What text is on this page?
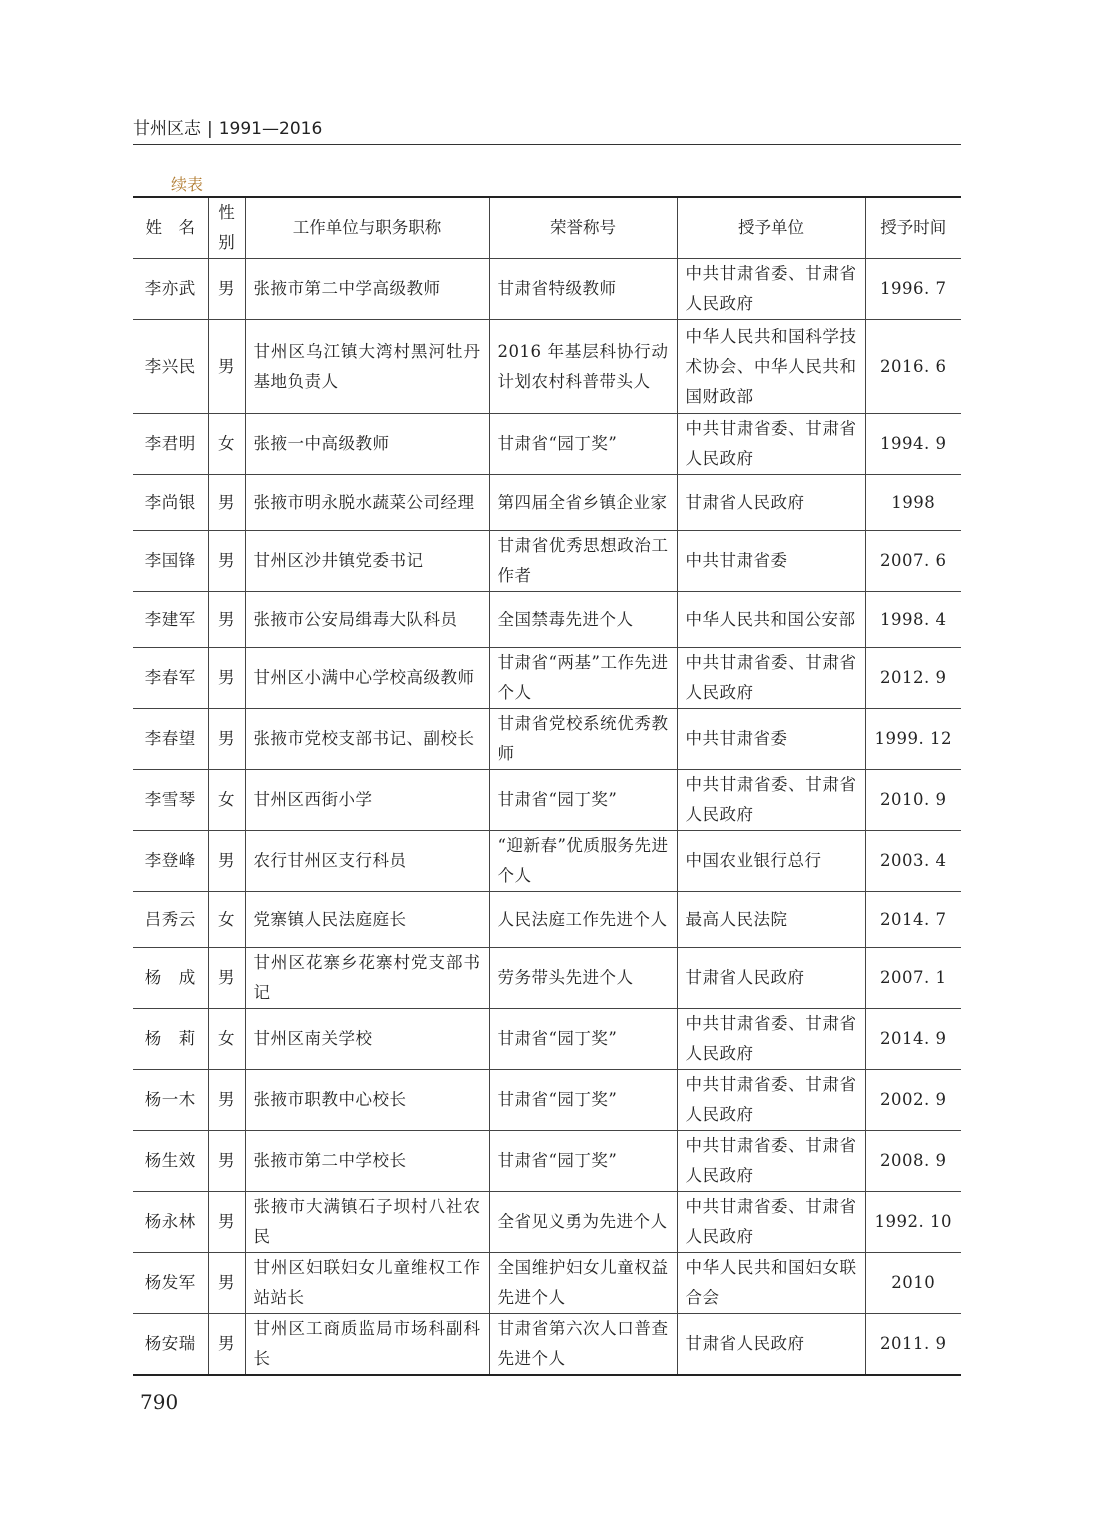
甘州区志 | 1991—2016
续表
姓　名	性别	工作单位与职务职称	荣誉称号	授予单位	授予时间
李亦武	男	张掖市第二中学高级教师	甘肃省特级教师	中共甘肃省委、甘肃省人民政府	1996. 7
李兴民	男	甘州区乌江镇大湾村黑河牡丹基地负责人	2016 年基层科协行动计划农村科普带头人	中华人民共和国科学技术协会、中华人民共和国财政部	2016. 6
李君明	女	张掖一中高级教师	甘肃省“园丁奖”	中共甘肃省委、甘肃省人民政府	1994. 9
李尚银	男	张掖市明永脱水蔬菜公司经理	第四届全省乡镇企业家	甘肃省人民政府	1998
李国锋	男	甘州区沙井镇党委书记	甘肃省优秀思想政治工作者	中共甘肃省委	2007. 6
李建军	男	张掖市公安局缉毒大队科员	全国禁毒先进个人	中华人民共和国公安部	1998. 4
李春军	男	甘州区小满中心学校高级教师	甘肃省“两基”工作先进个人	中共甘肃省委、甘肃省人民政府	2012. 9
李春望	男	张掖市党校支部书记、副校长	甘肃省党校系统优秀教师	中共甘肃省委	1999. 12
李雪琴	女	甘州区西街小学	甘肃省“园丁奖”	中共甘肃省委、甘肃省人民政府	2010. 9
李登峰	男	农行甘州区支行科员	“迎新春”优质服务先进个人	中国农业银行总行	2003. 4
吕秀云	女	党寨镇人民法庭庭长	人民法庭工作先进个人	最高人民法院	2014. 7
杨　成	男	甘州区花寨乡花寨村党支部书记	劳务带头先进个人	甘肃省人民政府	2007. 1
杨　莉	女	甘州区南关学校	甘肃省“园丁奖”	中共甘肃省委、甘肃省人民政府	2014. 9
杨一木	男	张掖市职教中心校长	甘肃省“园丁奖”	中共甘肃省委、甘肃省人民政府	2002. 9
杨生效	男	张掖市第二中学校长	甘肃省“园丁奖”	中共甘肃省委、甘肃省人民政府	2008. 9
杨永林	男	张掖市大满镇石子坝村八社农民	全省见义勇为先进个人	中共甘肃省委、甘肃省人民政府	1992. 10
杨发军	男	甘州区妇联妇女儿童维权工作站站长	全国维护妇女儿童权益先进个人	中华人民共和国妇女联合会	2010
杨安瑞	男	甘州区工商质监局市场科副科长	甘肃省第六次人口普查先进个人	甘肃省人民政府	2011. 9
790
